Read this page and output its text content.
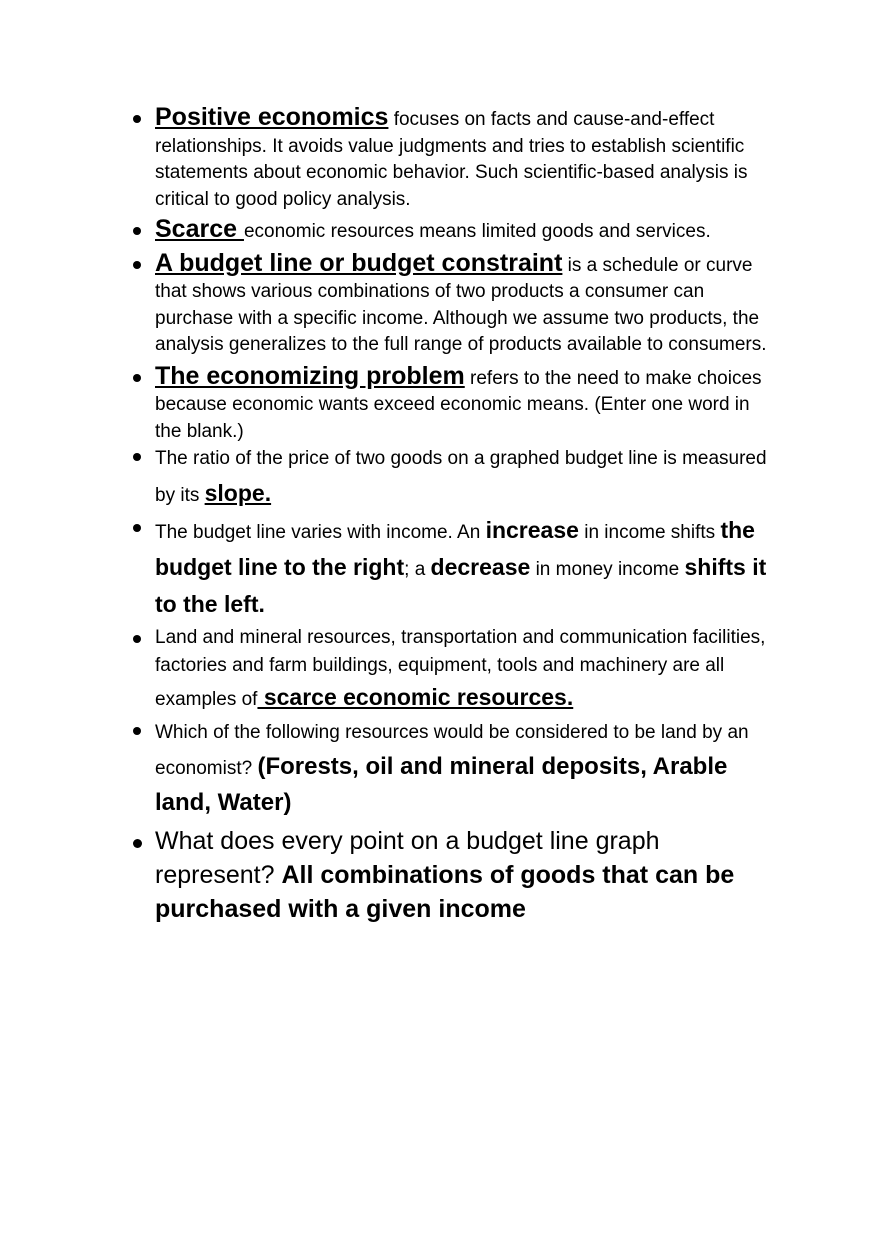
Positive economics focuses on facts and cause-and-effect relationships. It avoids value judgments and tries to establish scientific statements about economic behavior. Such scientific-based analysis is critical to good policy analysis.
Scarce economic resources means limited goods and services.
A budget line or budget constraint is a schedule or curve that shows various combinations of two products a consumer can purchase with a specific income. Although we assume two products, the analysis generalizes to the full range of products available to consumers.
The economizing problem refers to the need to make choices because economic wants exceed economic means. (Enter one word in the blank.)
The ratio of the price of two goods on a graphed budget line is measured by its slope.
The budget line varies with income. An increase in income shifts the budget line to the right; a decrease in money income shifts it to the left.
Land and mineral resources, transportation and communication facilities, factories and farm buildings, equipment, tools and machinery are all examples of scarce economic resources.
Which of the following resources would be considered to be land by an economist? (Forests, oil and mineral deposits, Arable land, Water)
What does every point on a budget line graph represent? All combinations of goods that can be purchased with a given income
